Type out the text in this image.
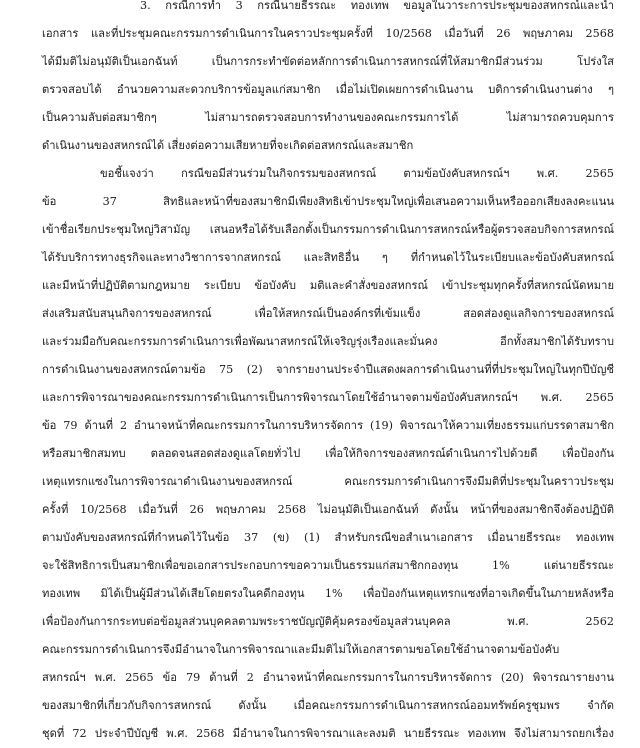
3. กรณีการทำ 3 กรณีนายธีรรณะ ทองเทพ ขอมูลในวาระการประชุมของสหกรณ์และนำ
เอกสาร และที่ประชุมคณะกรรมการดำเนินการในคราวประชุมครั้งที่ 10/2568 เมื่อวันที่ 26 พฤษภาคม 2568
ได้มีมติไม่อนุมัติเป็นเอกฉันท์ เป็นการกระทำขัดต่อหลักการดำเนินการสหกรณ์ที่ให้สมาชิกมีส่วนร่วม โปร่งใส
ตรวจสอบได้ อำนวยความสะดวกบริการข้อมูลแก่สมาชิก เมื่อไม่เปิดเผยการดำเนินงาน บดิการดำเนินงานต่าง ๆ
เป็นความลับต่อสมาชิกๆ ไม่สามารถตรวจสอบการทำงานของคณะกรรมการได้ ไม่สามารถควบคุมการ
ดำเนินงานของสหกรณ์ได้ เสี่ยงต่อความเสียหายที่จะเกิดต่อสหกรณ์และสมาชิก
ขอชี้แจงว่า กรณีขอมีส่วนร่วมในกิจกรรมของสหกรณ์ ตามข้อบังคับสหกรณ์ฯ พ.ศ. 2565
ข้อ 37 สิทธิและหน้าที่ของสมาชิกมีเพียงสิทธิเข้าประชุมใหญ่เพื่อเสนอความเห็นหรือออกเสียงลงคะแนน
เข้าชื่อเรียกประชุมใหญ่วิสามัญ เสนอหรือได้รับเลือกตั้งเป็นกรรมการดำเนินการสหกรณ์หรือผู้ตรวจสอบกิจการสหกรณ์
ได้รับบริการทางธุรกิจและทางวิชาการจากสหกรณ์ และสิทธิอื่น ๆ ที่กำหนดไว้ในระเบียบและข้อบังคับสหกรณ์
และมีหน้าที่ปฏิบัติตามกฎหมาย ระเบียบ ข้อบังคับ มติและคำสั่งของสหกรณ์ เข้าประชุมทุกครั้งที่สหกรณ์นัดหมาย
ส่งเสริมสนับสนุนกิจการของสหกรณ์ เพื่อให้สหกรณ์เป็นองค์กรที่เข้มแข็ง สอดส่องดูแลกิจการของสหกรณ์
และร่วมมือกับคณะกรรมการดำเนินการเพื่อพัฒนาสหกรณ์ให้เจริญรุ่งเรืองและมั่นคง อีกทั้งสมาชิกได้รับทราบ
การดำเนินงานของสหกรณ์ตามข้อ 75 (2) จากรายงานประจำปีแสดงผลการดำเนินงานที่ที่ประชุมใหญ่ในทุกปีบัญชี
และการพิจารณาของคณะกรรมการดำเนินการเป็นการพิจารณาโดยใช้อำนาจตามข้อบังคับสหกรณ์ฯ พ.ศ. 2565
ข้อ 79 ด้านที่ 2 อำนาจหน้าที่คณะกรรมการในการบริหารจัดการ (19) พิจารณาให้ความเที่ยงธรรมแก่บรรดาสมาชิก
หรือสมาชิกสมทบ ตลอดจนสอดส่องดูแลโดยทั่วไป เพื่อให้กิจการของสหกรณ์ดำเนินการไปด้วยดี เพื่อป้องกัน
เหตุแทรกแซงในการพิจารณาดำเนินงานของสหกรณ์ คณะกรรมการดำเนินการจึงมีมติที่ประชุมในคราวประชุม
ครั้งที่ 10/2568 เมื่อวันที่ 26 พฤษภาคม 2568 ไม่อนุมัติเป็นเอกฉันท์ ดังนั้น หน้าที่ของสมาชิกจึงต้องปฏิบัติ
ตามบังคับของสหกรณ์ที่กำหนดไว้ในข้อ 37 (ข) (1) สำหรับกรณีขอสำเนาเอกสาร เมื่อนายธีรรณะ ทองเทพ
จะใช้สิทธิการเป็นสมาชิกเพื่อขอเอกสารประกอบการขอความเป็นธรรมแก่สมาชิกกองทุน 1% แต่นายธีรรณะ
ทองเทพ มิได้เป็นผู้มีส่วนได้เสียโดยตรงในคดีกองทุน 1% เพื่อป้องกันเหตุแทรกแซงที่อาจเกิดขึ้นในภายหลังหรือ
เพื่อป้องกันการกระทบต่อข้อมูลส่วนบุคคลตามพระราชบัญญัติคุ้มครองข้อมูลส่วนบุคคล พ.ศ. 2562
คณะกรรมการดำเนินการจึงมีอำนาจในการพิจารณาและมีมติไม่ให้เอกสารตามขอโดยใช้อำนาจตามข้อบังคับ
สหกรณ์ฯ พ.ศ. 2565 ข้อ 79 ด้านที่ 2 อำนาจหน้าที่คณะกรรมการในการบริหารจัดการ (20) พิจารณารายงาน
ของสมาชิกที่เกี่ยวกับกิจการสหกรณ์ ดังนั้น เมื่อคณะกรรมการดำเนินการสหกรณ์ออมทรัพย์ครูชุมพร จำกัด
ชุดที่ 72 ประจำปีบัญชี พ.ศ. 2568 มีอำนาจในการพิจารณาและลงมติ นายธีรรณะ ทองเทพ จึงไม่สามารถยกเรื่อง
